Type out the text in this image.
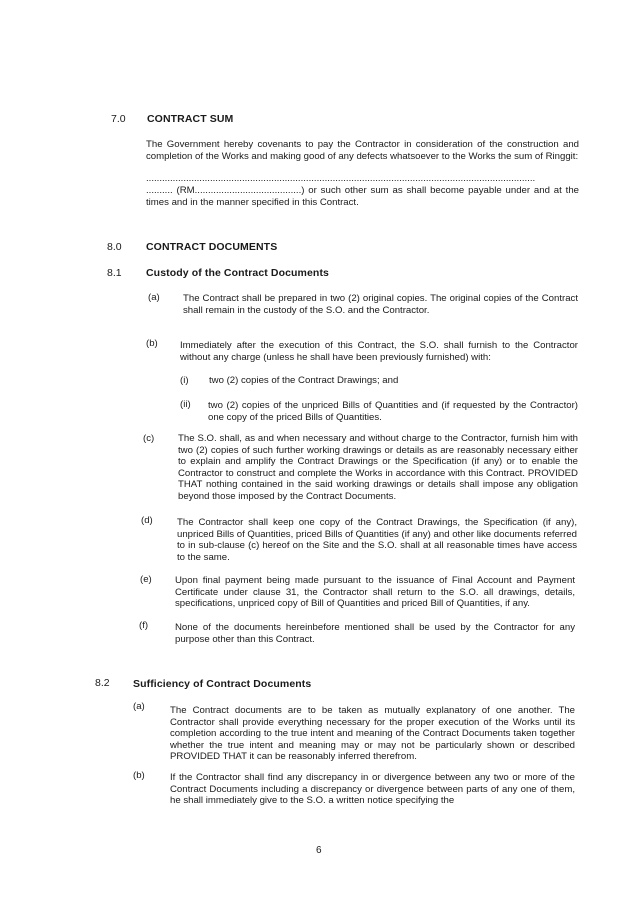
7.0 CONTRACT SUM
The Government hereby covenants to pay the Contractor in consideration of the construction and completion of the Works and making good of any defects whatsoever to the Works the sum of Ringgit:
..................................................................................................................................................
.......... (RM........................................) or such other sum as shall become payable under and at the times and in the manner specified in this Contract.
8.0 CONTRACT DOCUMENTS
8.1 Custody of the Contract Documents
(a) The Contract shall be prepared in two (2) original copies. The original copies of the Contract shall remain in the custody of the S.O. and the Contractor.
(b) Immediately after the execution of this Contract, the S.O. shall furnish to the Contractor without any charge (unless he shall have been previously furnished) with:
(i) two (2) copies of the Contract Drawings; and
(ii) two (2) copies of the unpriced Bills of Quantities and (if requested by the Contractor) one copy of the priced Bills of Quantities.
(c) The S.O. shall, as and when necessary and without charge to the Contractor, furnish him with two (2) copies of such further working drawings or details as are reasonably necessary either to explain and amplify the Contract Drawings or the Specification (if any) or to enable the Contractor to construct and complete the Works in accordance with this Contract. PROVIDED THAT nothing contained in the said working drawings or details shall impose any obligation beyond those imposed by the Contract Documents.
(d)	The Contractor shall keep one copy of the Contract Drawings, the Specification (if any), unpriced Bills of Quantities, priced Bills of Quantities (if any) and other like documents referred to in sub-clause (c) hereof on the Site and the S.O. shall at all reasonable times have access to the same.
(e) Upon final payment being made pursuant to the issuance of Final Account and Payment Certificate under clause 31, the Contractor shall return to the S.O. all drawings, details, specifications, unpriced copy of Bill of Quantities and priced Bill of Quantities, if any.
(f)	None of the documents hereinbefore mentioned shall be used by the Contractor for any purpose other than this Contract.
8.2 Sufficiency of Contract Documents
(a)	The Contract documents are to be taken as mutually explanatory of one another. The Contractor shall provide everything necessary for the proper execution of the Works until its completion according to the true intent and meaning of the Contract Documents taken together whether the true intent and meaning may or may not be particularly shown or described PROVIDED THAT it can be reasonably inferred therefrom.
(b)	If the Contractor shall find any discrepancy in or divergence between any two or more of the Contract Documents including a discrepancy or divergence between parts of any one of them, he shall immediately give to the S.O. a written notice specifying the
6
